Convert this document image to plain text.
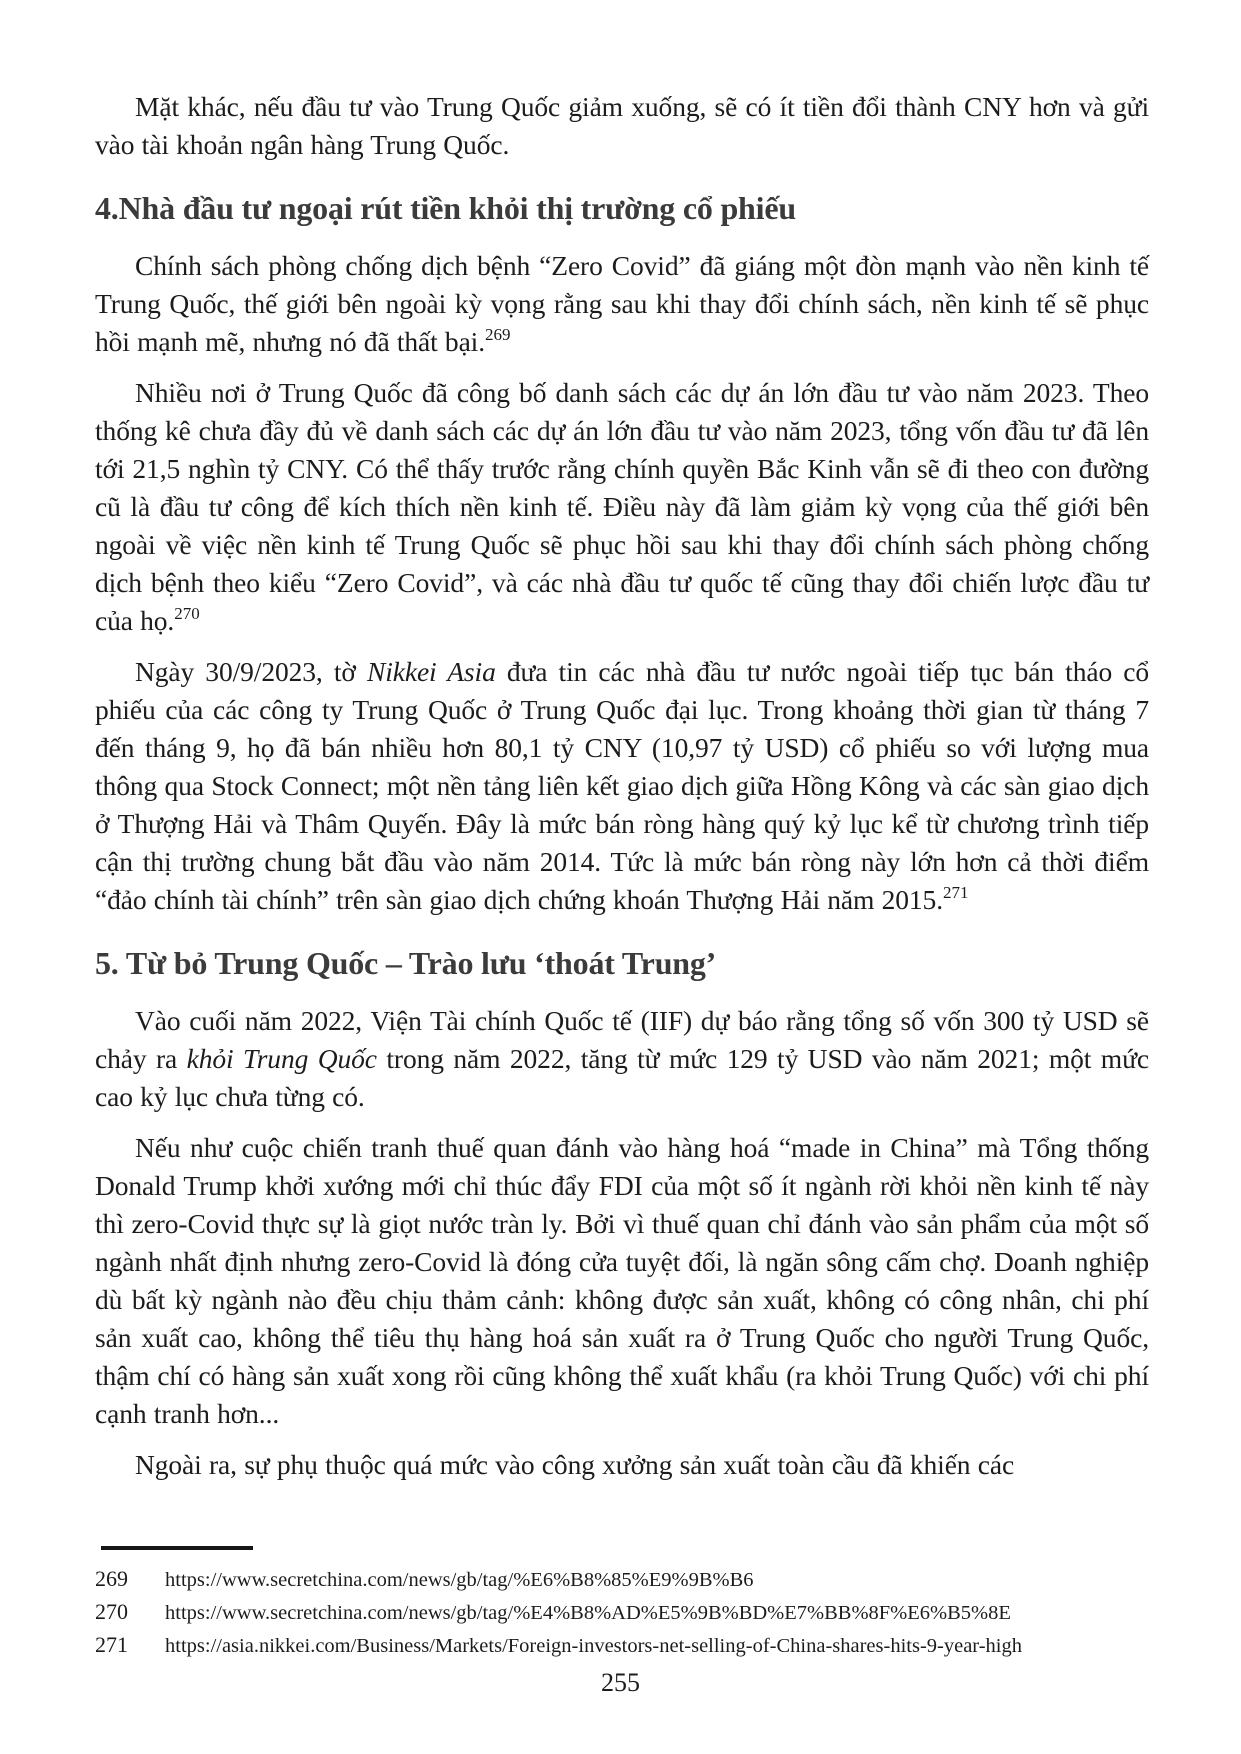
Mặt khác, nếu đầu tư vào Trung Quốc giảm xuống, sẽ có ít tiền đổi thành CNY hơn và gửi vào tài khoản ngân hàng Trung Quốc.

4.Nhà đầu tư ngoại rút tiền khỏi thị trường cổ phiếu

Chính sách phòng chống dịch bệnh “Zero Covid” đã giáng một đòn mạnh vào nền kinh tế Trung Quốc, thế giới bên ngoài kỳ vọng rằng sau khi thay đổi chính sách, nền kinh tế sẽ phục hồi mạnh mẽ, nhưng nó đã thất bại.$^{269}$

Nhiều nơi ở Trung Quốc đã công bố danh sách các dự án lớn đầu tư vào năm 2023. Theo thống kê chưa đầy đủ về danh sách các dự án lớn đầu tư vào năm 2023, tổng vốn đầu tư đã lên tới 21,5 nghìn tỷ CNY. Có thể thấy trước rằng chính quyền Bắc Kinh vẫn sẽ đi theo con đường cũ là đầu tư công để kích thích nền kinh tế. Điều này đã làm giảm kỳ vọng của thế giới bên ngoài về việc nền kinh tế Trung Quốc sẽ phục hồi sau khi thay đổi chính sách phòng chống dịch bệnh theo kiểu “Zero Covid”, và các nhà đầu tư quốc tế cũng thay đổi chiến lược đầu tư của họ.$^{270}$

Ngày 30/9/2023, tờ Nikkei Asia đưa tin các nhà đầu tư nước ngoài tiếp tục bán tháo cổ phiếu của các công ty Trung Quốc ở Trung Quốc đại lục. Trong khoảng thời gian từ tháng 7 đến tháng 9, họ đã bán nhiều hơn 80,1 tỷ CNY (10,97 tỷ USD) cổ phiếu so với lượng mua thông qua Stock Connect; một nền tảng liên kết giao dịch giữa Hồng Kông và các sàn giao dịch ở Thượng Hải và Thâm Quyến. Đây là mức bán ròng hàng quý kỷ lục kể từ chương trình tiếp cận thị trường chung bắt đầu vào năm 2014. Tức là mức bán ròng này lớn hơn cả thời điểm “đảo chính tài chính” trên sàn giao dịch chứng khoán Thượng Hải năm 2015.$^{271}$

5. Từ bỏ Trung Quốc – Trào lưu ‘thoát Trung’

Vào cuối năm 2022, Viện Tài chính Quốc tế (IIF) dự báo rằng tổng số vốn 300 tỷ USD sẽ chảy ra khỏi Trung Quốc trong năm 2022, tăng từ mức 129 tỷ USD vào năm 2021; một mức cao kỷ lục chưa từng có.

Nếu như cuộc chiến tranh thuế quan đánh vào hàng hoá “made in China” mà Tổng thống Donald Trump khởi xướng mới chỉ thúc đẩy FDI của một số ít ngành rời khỏi nền kinh tế này thì zero-Covid thực sự là giọt nước tràn ly. Bởi vì thuế quan chỉ đánh vào sản phẩm của một số ngành nhất định nhưng zero-Covid là đóng cửa tuyệt đối, là ngăn sông cấm chợ. Doanh nghiệp dù bất kỳ ngành nào đều chịu thảm cảnh: không được sản xuất, không có công nhân, chi phí sản xuất cao, không thể tiêu thụ hàng hoá sản xuất ra ở Trung Quốc cho người Trung Quốc, thậm chí có hàng sản xuất xong rồi cũng không thể xuất khẩu (ra khỏi Trung Quốc) với chi phí cạnh tranh hơn...

Ngoài ra, sự phụ thuộc quá mức vào công xưởng sản xuất toàn cầu đã khiến các

269	https://www.secretchina.com/news/gb/tag/%E6%B8%85%E9%9B%B6
270	https://www.secretchina.com/news/gb/tag/%E4%B8%AD%E5%9B%BD%E7%BB%8F%E6%B5%8E
271	https://asia.nikkei.com/Business/Markets/Foreign-investors-net-selling-of-China-shares-hits-9-year-high
255
